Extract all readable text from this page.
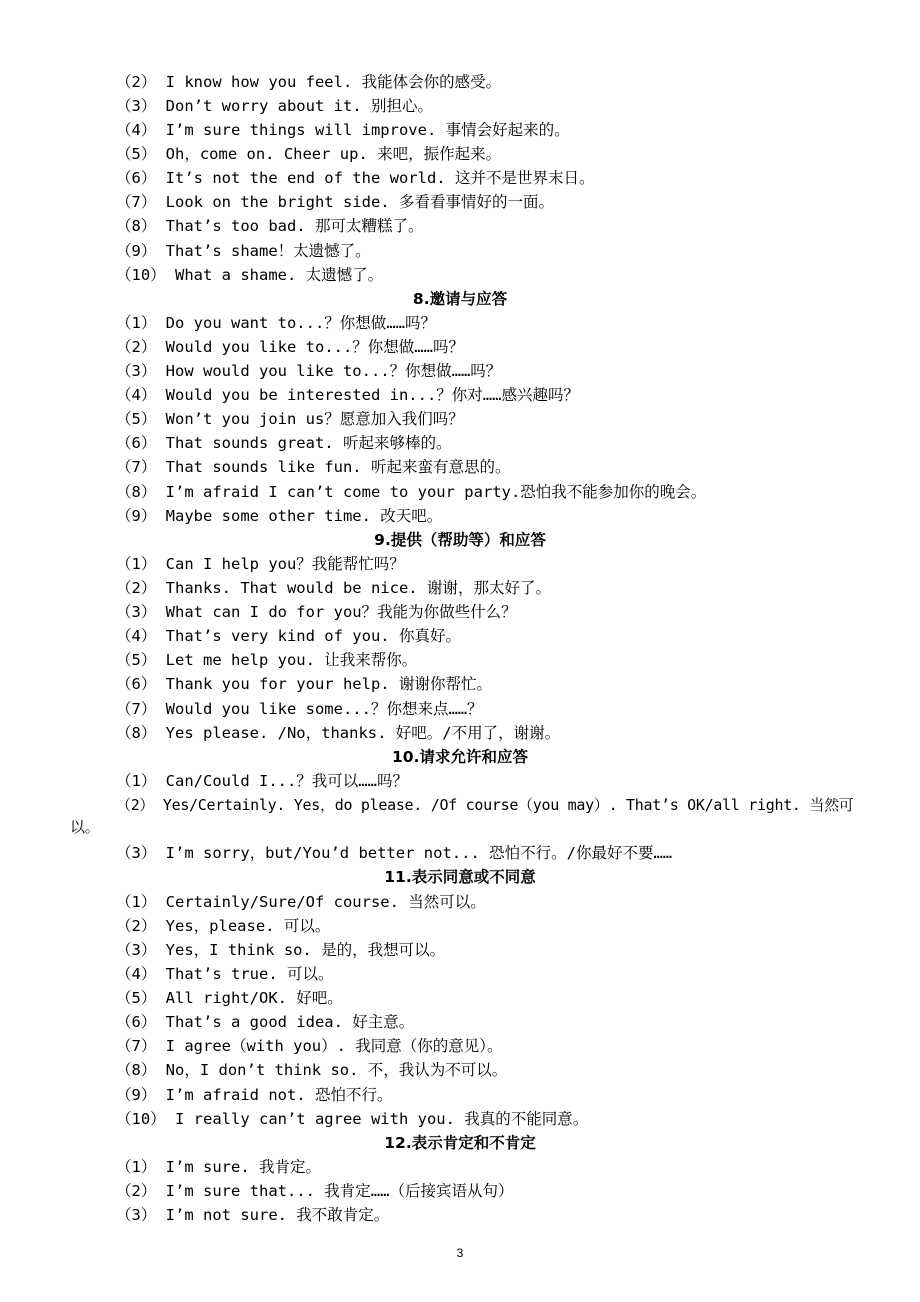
（2） I know how you feel. 我能体会你的感受。
（3） Don’t worry about it. 别担心。
（4） I’m sure things will improve. 事情会好起来的。
（5） Oh，come on. Cheer up. 来吧，振作起来。
（6） It’s not the end of the world. 这并不是世界末日。
（7） Look on the bright side. 多看看事情好的一面。
（8） That’s too bad. 那可太糟糕了。
（9） That’s shame！太遗憾了。
（10） What a shame. 太遗憾了。
8.邀请与应答
（1） Do you want to...？你想做……吗？
（2） Would you like to...？你想做……吗？
（3） How would you like to...？你想做……吗？
（4） Would you be interested in...？你对……感兴趣吗？
（5） Won’t you join us？愿意加入我们吗？
（6） That sounds great. 听起来够棒的。
（7） That sounds like fun. 听起来蛮有意思的。
（8） I’m afraid I can’t come to your party.恐怕我不能参加你的晚会。
（9） Maybe some other time. 改天吧。
9.提供（帮助等）和应答
（1） Can I help you？我能帮忙吗？
（2） Thanks. That would be nice. 谢谢，那太好了。
（3） What can I do for you？我能为你做些什么？
（4） That’s very kind of you. 你真好。
（5） Let me help you. 让我来帮你。
（6） Thank you for your help. 谢谢你帮忙。
（7） Would you like some...？你想来点……？
（8） Yes please. /No，thanks. 好吧。/不用了，谢谢。
10.请求允许和应答
（1） Can/Could I...？我可以……吗？
（2） Yes/Certainly. Yes，do please. /Of course（you may）. That’s OK/all right. 当然可以。
（3） I’m sorry，but/You’d better not... 恐怕不行。/你最好不要……
11.表示同意或不同意
（1） Certainly/Sure/Of course. 当然可以。
（2） Yes，please. 可以。
（3） Yes，I think so. 是的，我想可以。
（4） That’s true. 可以。
（5） All right/OK. 好吧。
（6） That’s a good idea. 好主意。
（7） I agree（with you）. 我同意（你的意见）。
（8） No，I don’t think so. 不，我认为不可以。
（9） I’m afraid not. 恐怕不行。
（10） I really can’t agree with you. 我真的不能同意。
12.表示肯定和不肯定
（1） I’m sure. 我肯定。
（2） I’m sure that... 我肯定……（后接宾语从句）
（3） I’m not sure. 我不敢肯定。
3
